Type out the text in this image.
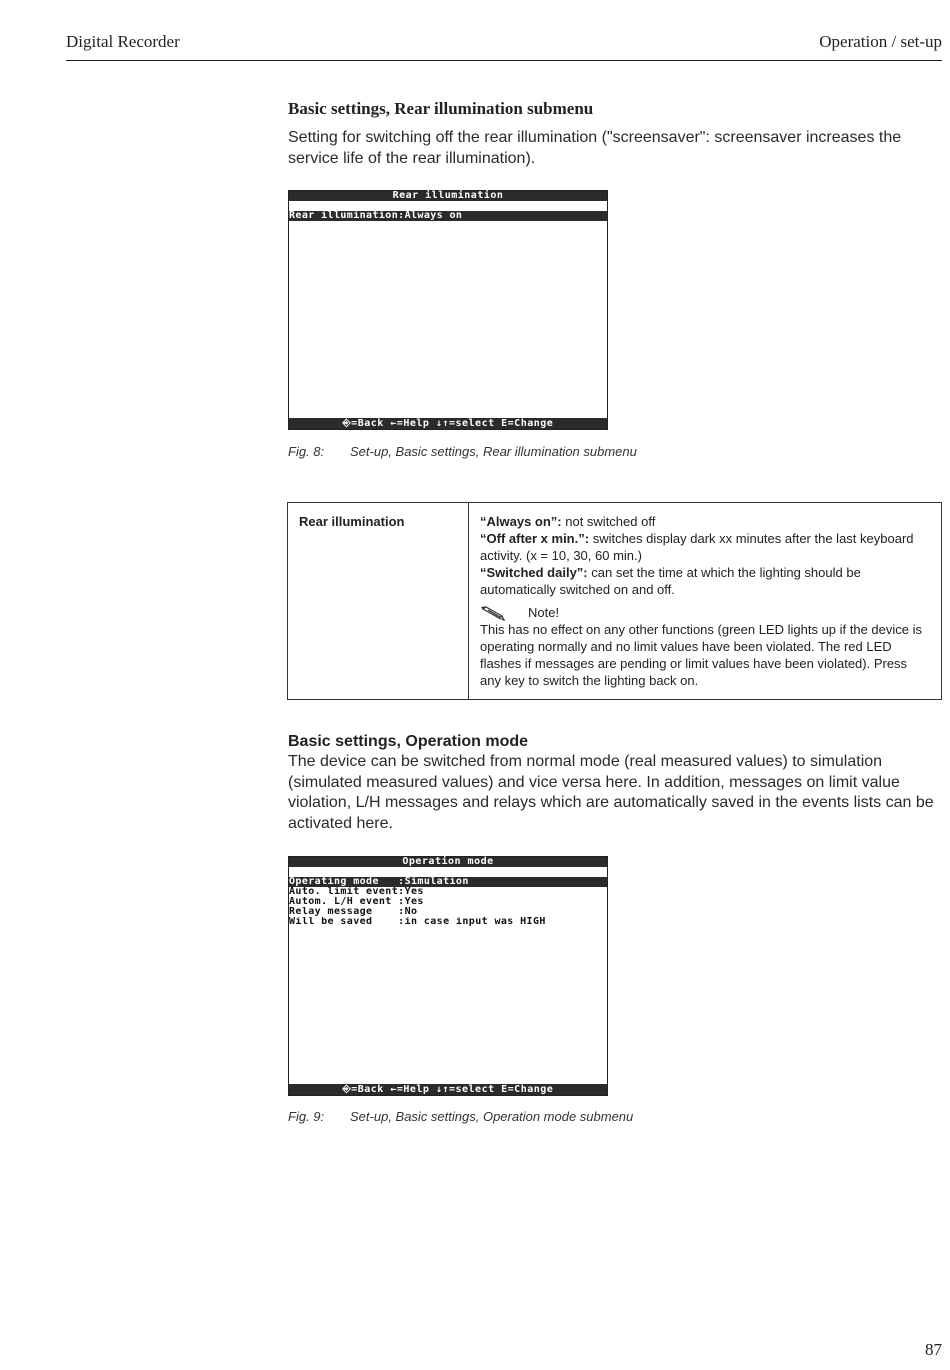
Digital Recorder	Operation / set-up
Basic settings, Rear illumination submenu
Setting for switching off the rear illumination ("screensaver": screensaver increases the service life of the rear illumination).
Rear illumination
Rear illumination:Always on
⎆=Back ←=Help ↓↑=select E=Change
Fig. 8: Set-up, Basic settings, Rear illumination submenu
Rear illumination	“Always on”: not switched off
“Off after x min.”: switches display dark xx minutes after the last keyboard activity. (x = 10, 30, 60 min.)
“Switched daily”: can set the time at which the lighting should be automatically switched on and off.
Note!
This has no effect on any other functions (green LED lights up if the device is operating normally and no limit values have been violated. The red LED flashes if messages are pending or limit values have been violated). Press any key to switch the lighting back on.
Basic settings, Operation mode
The device can be switched from normal mode (real measured values) to simulation (simulated measured values) and vice versa here. In addition, messages on limit value violation, L/H messages and relays which are automatically saved in the events lists can be activated here.
Operation mode
Operating mode   :Simulation
Auto. limit event:Yes
Autom. L/H event :Yes
Relay message    :No
Will be saved    :in case input was HIGH
⎆=Back ←=Help ↓↑=select E=Change
Fig. 9: Set-up, Basic settings, Operation mode submenu
87
